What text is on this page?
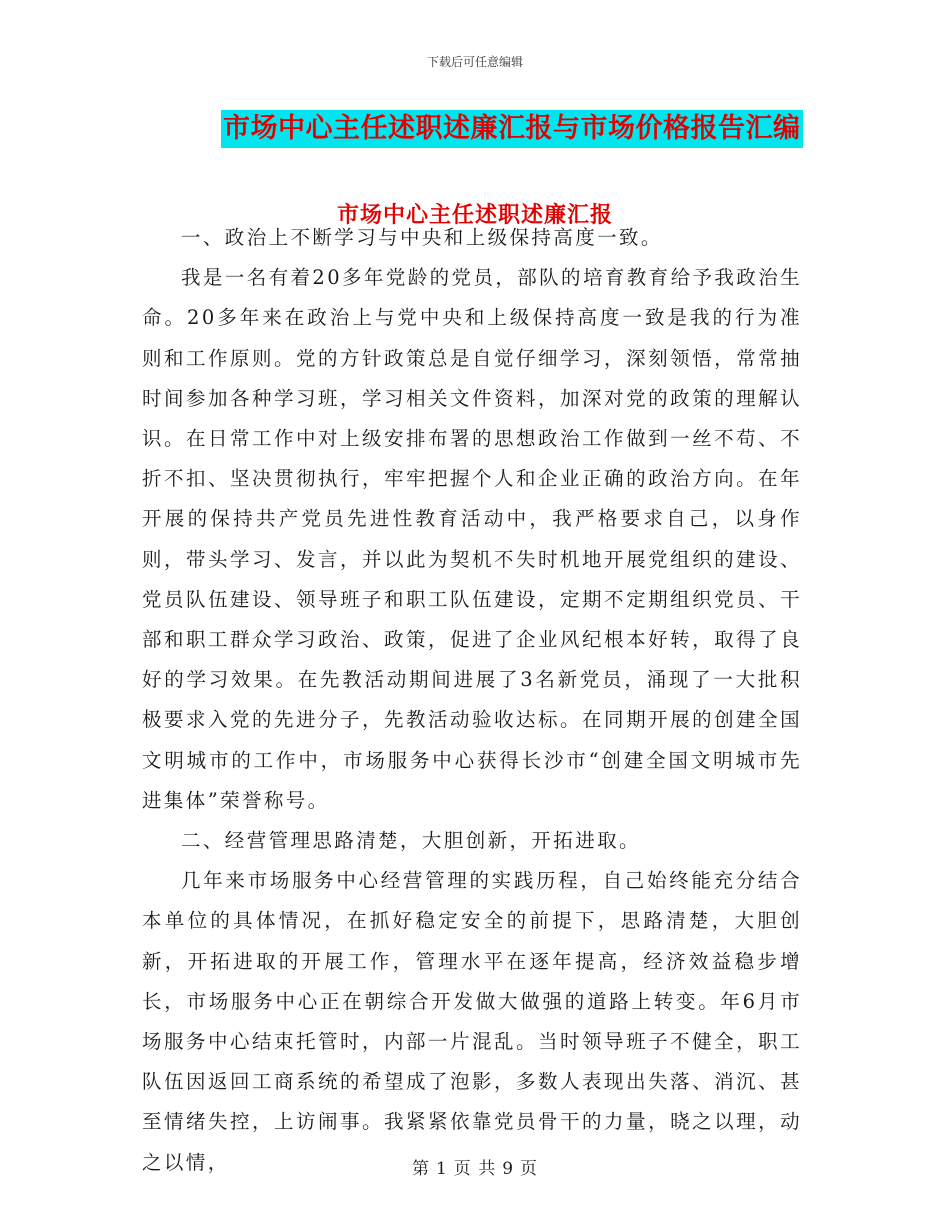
下载后可任意编辑
市场中心主任述职述廉汇报与市场价格报告汇编
市场中心主任述职述廉汇报

一、政治上不断学习与中央和上级保持高度一致。

我是一名有着20多年党龄的党员，部队的培育教育给予我政治生命。20多年来在政治上与党中央和上级保持高度一致是我的行为准则和工作原则。党的方针政策总是自觉仔细学习，深刻领悟，常常抽时间参加各种学习班，学习相关文件资料，加深对党的政策的理解认识。在日常工作中对上级安排布署的思想政治工作做到一丝不苟、不折不扣、坚决贯彻执行，牢牢把握个人和企业正确的政治方向。在年开展的保持共产党员先进性教育活动中，我严格要求自己，以身作则，带头学习、发言，并以此为契机不失时机地开展党组织的建设、党员队伍建设、领导班子和职工队伍建设，定期不定期组织党员、干部和职工群众学习政治、政策，促进了企业风纪根本好转，取得了良好的学习效果。在先教活动期间进展了3名新党员，涌现了一大批积极要求入党的先进分子，先教活动验收达标。在同期开展的创建全国文明城市的工作中，市场服务中心获得长沙市“创建全国文明城市先进集体”荣誉称号。

二、经营管理思路清楚，大胆创新，开拓进取。

几年来市场服务中心经营管理的实践历程，自己始终能充分结合本单位的具体情况，在抓好稳定安全的前提下，思路清楚，大胆创新，开拓进取的开展工作，管理水平在逐年提高，经济效益稳步增长，市场服务中心正在朝综合开发做大做强的道路上转变。年6月市场服务中心结束托管时，内部一片混乱。当时领导班子不健全，职工队伍因返回工商系统的希望成了泡影，多数人表现出失落、消沉、甚至情绪失控，上访闹事。我紧紧依靠党员骨干的力量，晓之以理，动之以情，	第 1 页 共 9 页
